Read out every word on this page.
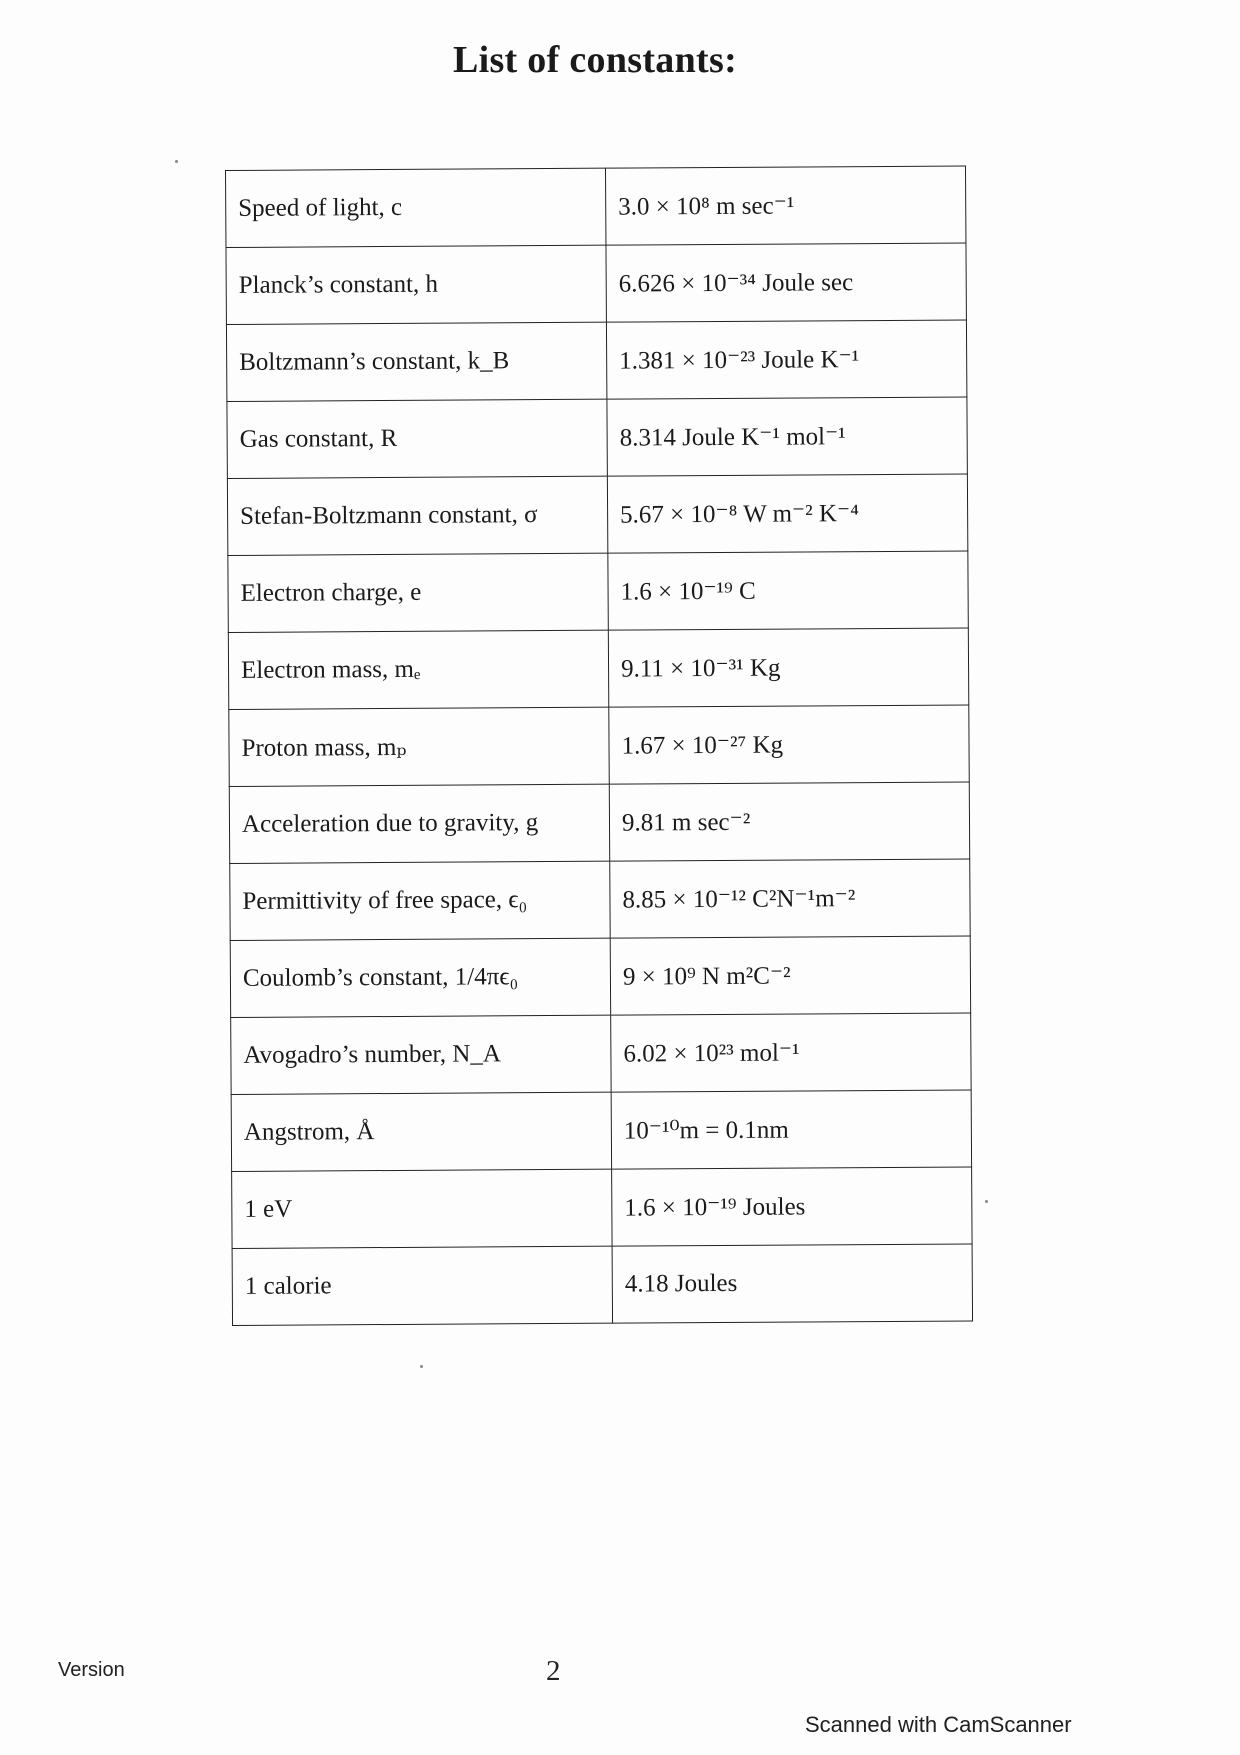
List of constants:
Speed of light, c	3.0 × 10⁸ m sec⁻¹
Planck’s constant, h	6.626 × 10⁻³⁴ Joule sec
Boltzmann’s constant, k_B	1.381 × 10⁻²³ Joule K⁻¹
Gas constant, R	8.314 Joule K⁻¹ mol⁻¹
Stefan-Boltzmann constant, σ	5.67 × 10⁻⁸ W m⁻² K⁻⁴
Electron charge, e	1.6 × 10⁻¹⁹ C
Electron mass, mₑ	9.11 × 10⁻³¹ Kg
Proton mass, mₚ	1.67 × 10⁻²⁷ Kg
Acceleration due to gravity, g	9.81 m sec⁻²
Permittivity of free space, ϵ₀	8.85 × 10⁻¹² C²N⁻¹m⁻²
Coulomb’s constant, 1/4πϵ₀	9 × 10⁹ N m²C⁻²
Avogadro’s number, N_A	6.02 × 10²³ mol⁻¹
Angstrom, Å	10⁻¹⁰m = 0.1nm
1 eV	1.6 × 10⁻¹⁹ Joules
1 calorie	4.18 Joules
Version	2
Scanned with CamScanner
